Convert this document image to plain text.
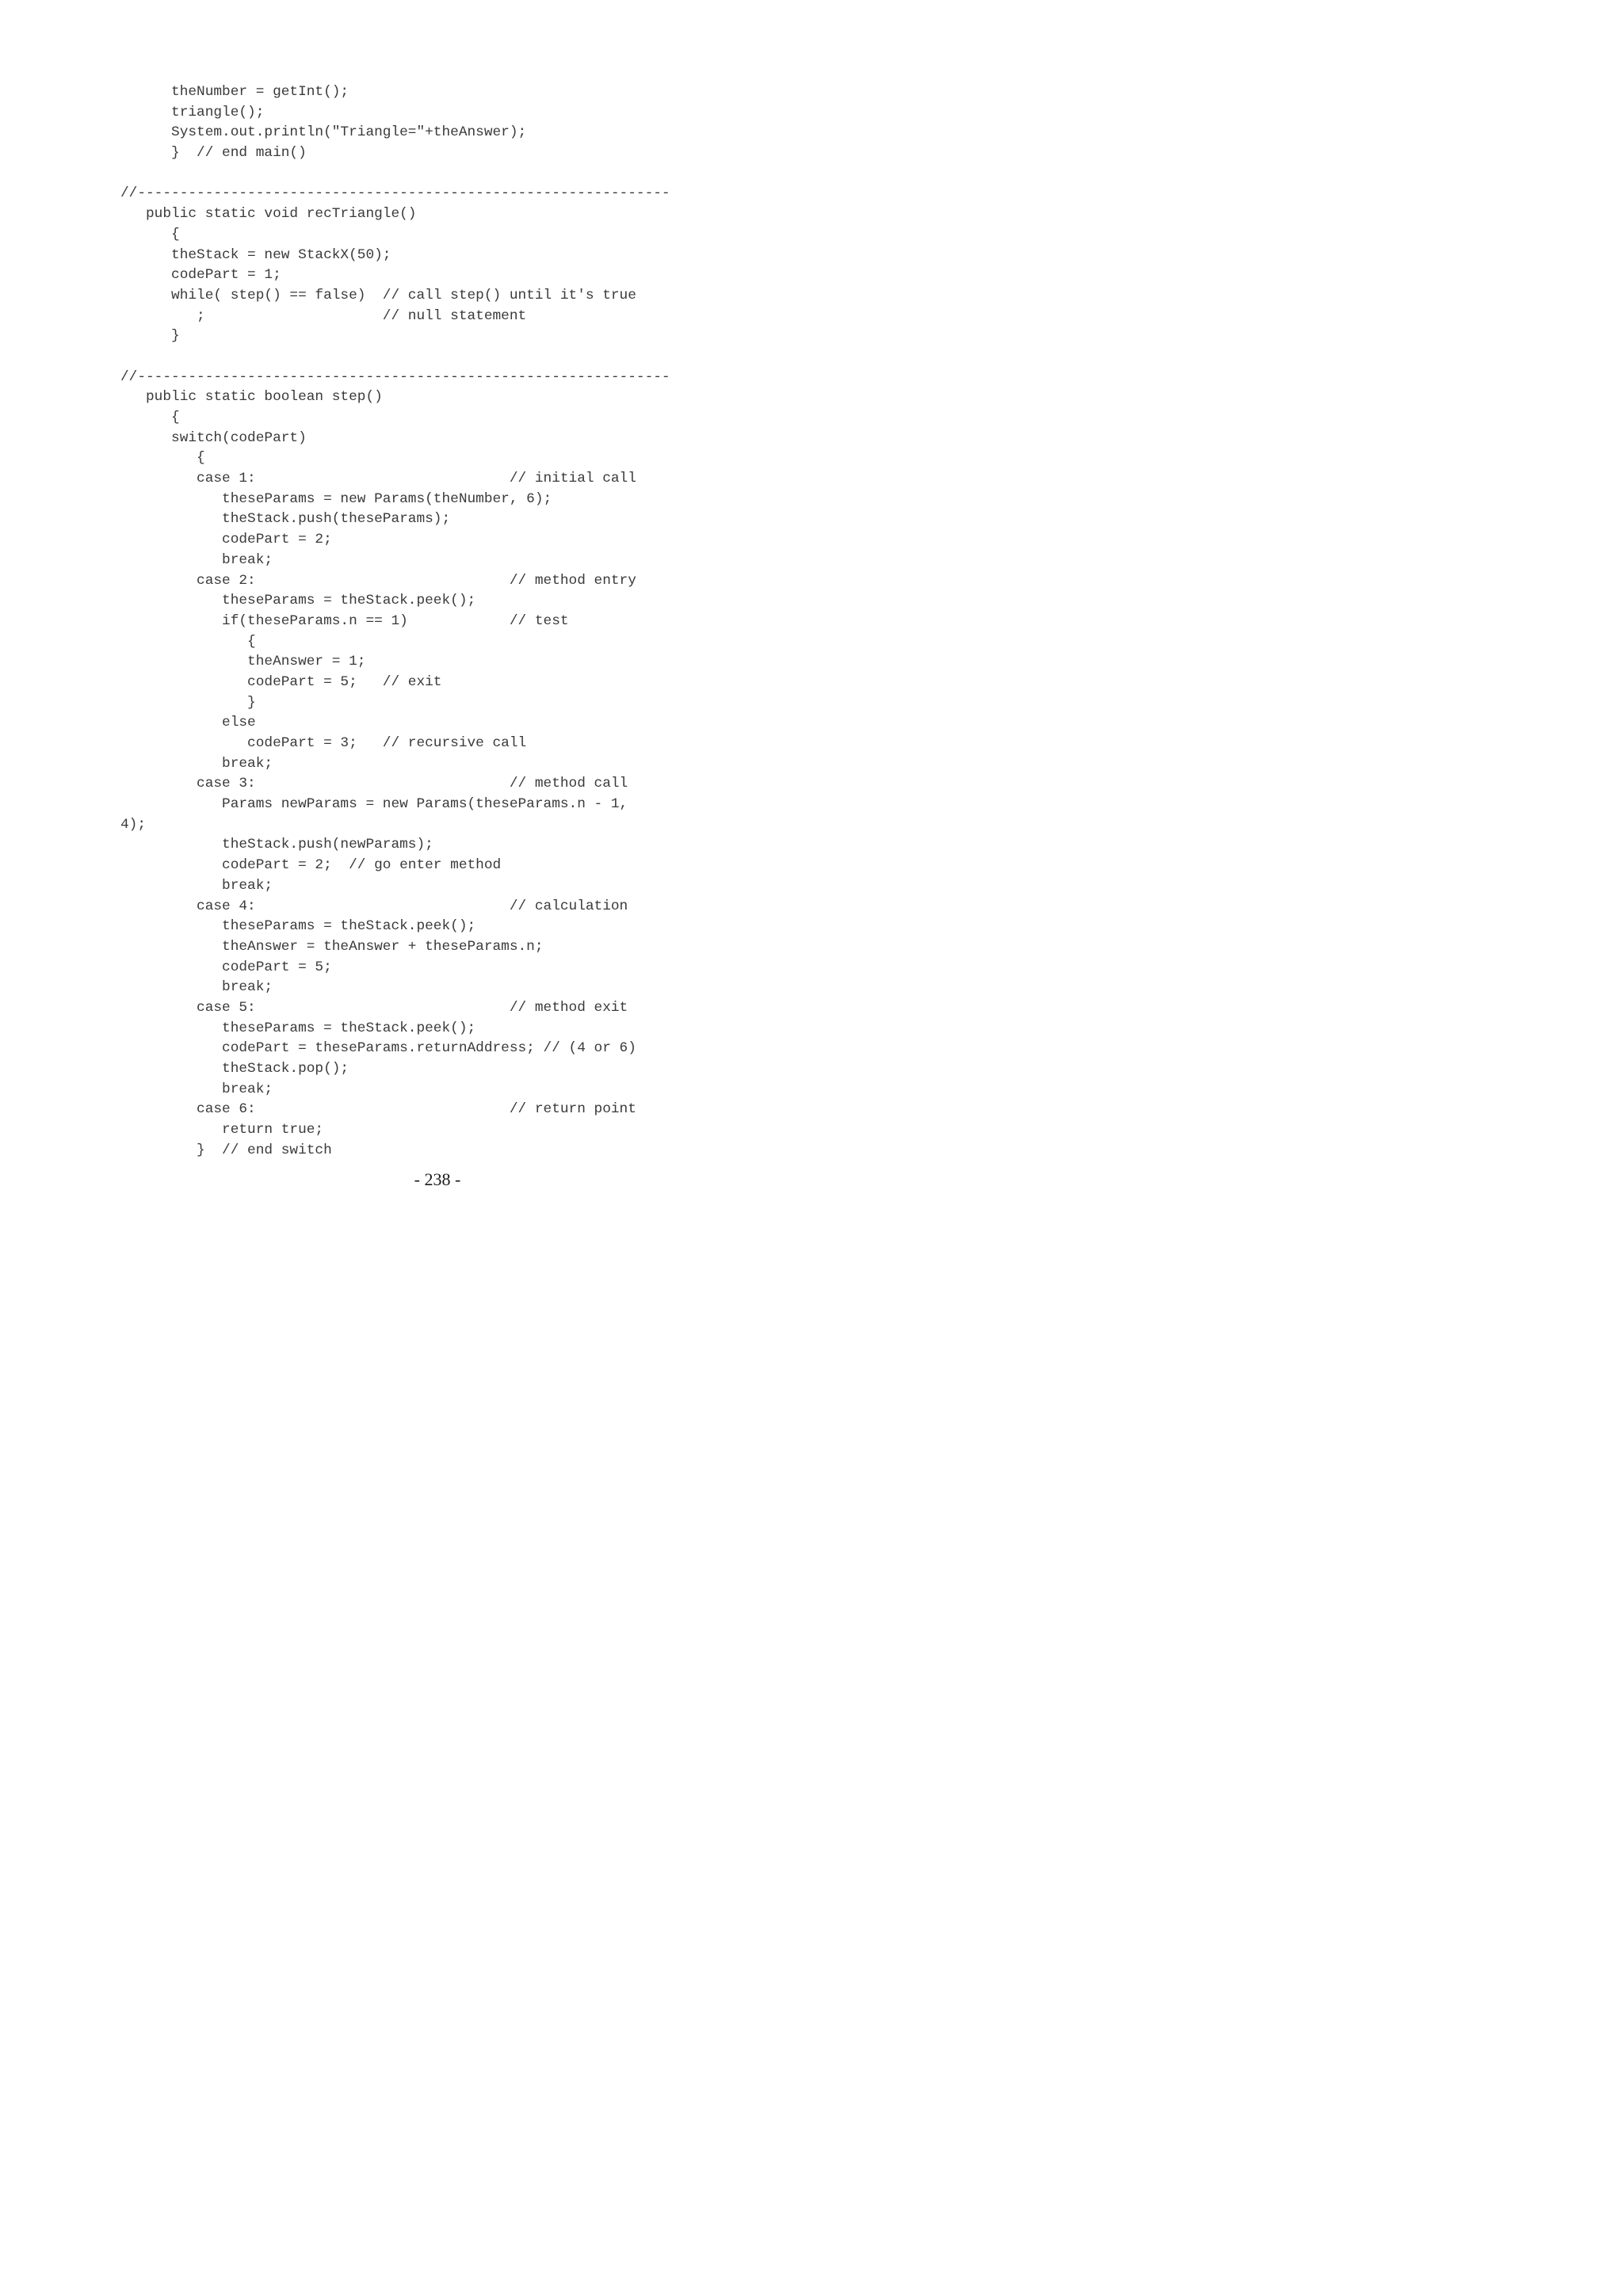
theNumber = getInt();
triangle();
System.out.println("Triangle="+theAnswer);
}  // end main()
//---------------------------------------------------------------
public static void recTriangle()
{
theStack = new StackX(50);
codePart = 1;
while( step() == false)  // call step() until it's true
;                     // null statement
}
//---------------------------------------------------------------
public static boolean step()
{
switch(codePart)
{
case 1:                              // initial call
theseParams = new Params(theNumber, 6);
theStack.push(theseParams);
codePart = 2;
break;
case 2:                              // method entry
theseParams = theStack.peek();
if(theseParams.n == 1)            // test
{
theAnswer = 1;
codePart = 5;   // exit
}
else
codePart = 3;   // recursive call
break;
case 3:                              // method call
Params newParams = new Params(theseParams.n - 1,
4);
theStack.push(newParams);
codePart = 2;  // go enter method
break;
case 4:                              // calculation
theseParams = theStack.peek();
theAnswer = theAnswer + theseParams.n;
codePart = 5;
break;
case 5:                              // method exit
theseParams = theStack.peek();
codePart = theseParams.returnAddress; // (4 or 6)
theStack.pop();
break;
case 6:                              // return point
return true;
}  // end switch
- 238 -
